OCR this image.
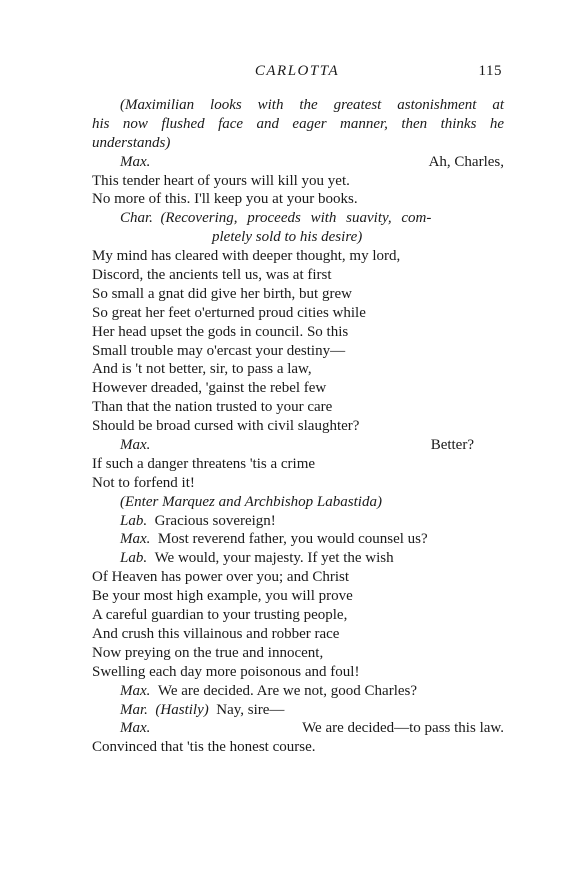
CARLOTTA	115
(Maximilian looks with the greatest astonishment at
his now flushed face and eager manner, then thinks he
understands)
Max.	Ah, Charles,
This tender heart of yours will kill you yet.
No more of this. I'll keep you at your books.
Char. (Recovering, proceeds with suavity, com-
pletely sold to his desire)
My mind has cleared with deeper thought, my lord,
Discord, the ancients tell us, was at first
So small a gnat did give her birth, but grew
So great her feet o'erturned proud cities while
Her head upset the gods in council. So this
Small trouble may o'ercast your destiny—
And is 't not better, sir, to pass a law,
However dreaded, 'gainst the rebel few
Than that the nation trusted to your care
Should be broad cursed with civil slaughter?
Max.	Better?
If such a danger threatens 'tis a crime
Not to forfend it!
(Enter Marquez and Archbishop Labastida)
Lab. Gracious sovereign!
Max. Most reverend father, you would counsel us?
Lab. We would, your majesty. If yet the wish
Of Heaven has power over you; and Christ
Be your most high example, you will prove
A careful guardian to your trusting people,
And crush this villainous and robber race
Now preying on the true and innocent,
Swelling each day more poisonous and foul!
Max. We are decided. Are we not, good Charles?
Mar. (Hastily) Nay, sire—
Max.	We are decided—to pass this law.
Convinced that 'tis the honest course.
